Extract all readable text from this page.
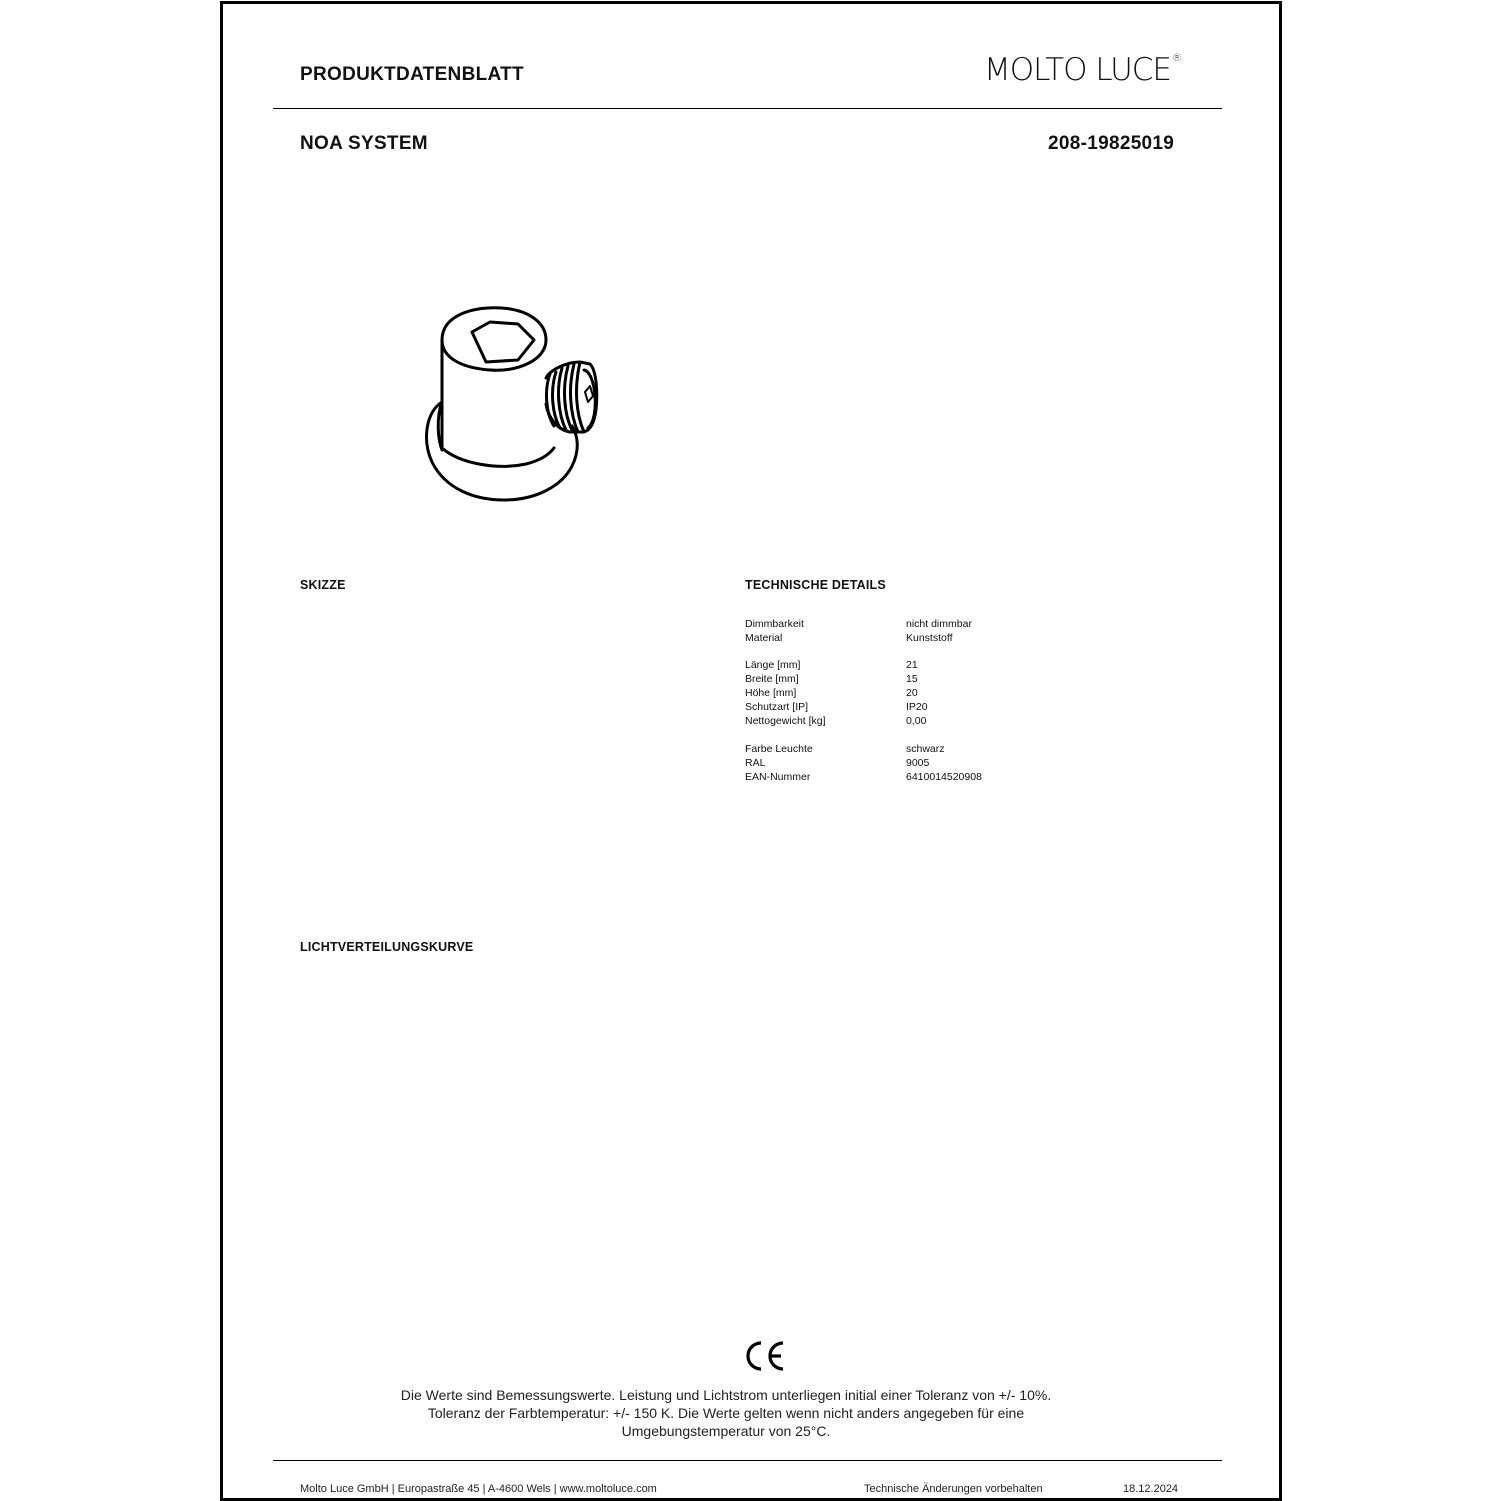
PRODUKTDATENBLATT	MOLTO LUCE®
NOA SYSTEM	208-19825019
SKIZZE	TECHNISCHE DETAILS
Dimmbarkeit	nicht dimmbar
Material	Kunststoff
Länge [mm]	21
Breite [mm]	15
Höhe [mm]	20
Schutzart [IP]	IP20
Nettogewicht [kg]	0,00
Farbe Leuchte	schwarz
RAL	9005
EAN-Nummer	6410014520908
LICHTVERTEILUNGSKURVE
CE
Die Werte sind Bemessungswerte. Leistung und Lichtstrom unterliegen initial einer Toleranz von +/- 10%.
Toleranz der Farbtemperatur: +/- 150 K. Die Werte gelten wenn nicht anders angegeben für eine
Umgebungstemperatur von 25°C.
Molto Luce GmbH | Europastraße 45 | A-4600 Wels | www.moltoluce.com	Technische Änderungen vorbehalten	18.12.2024
